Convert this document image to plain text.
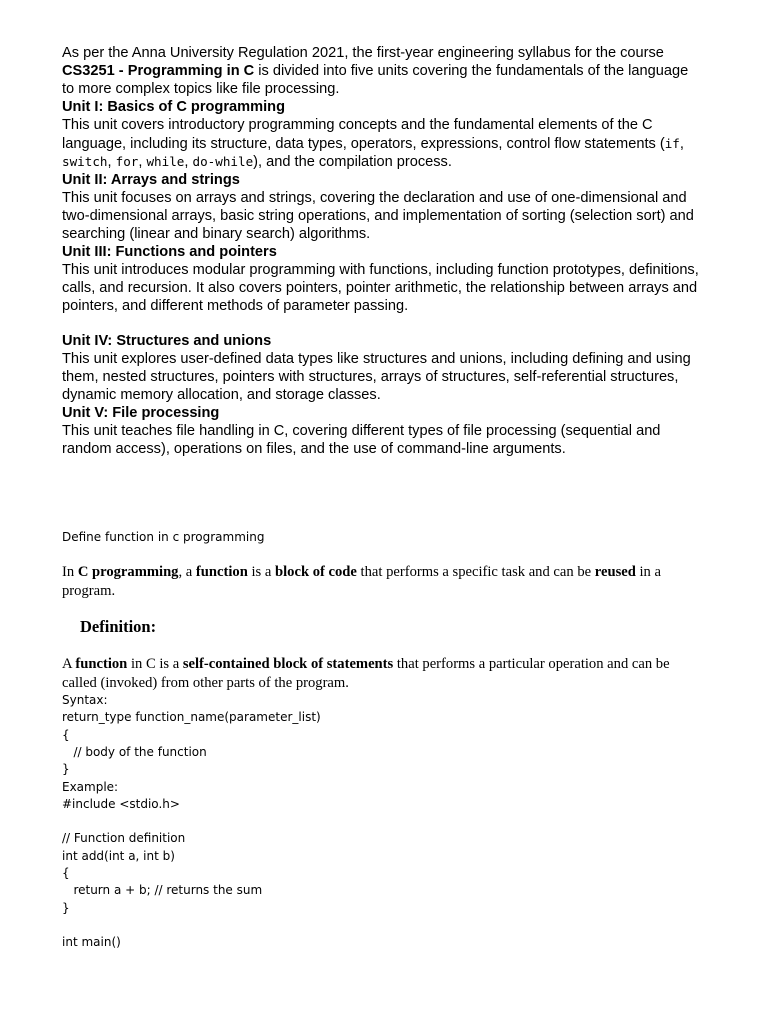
As per the Anna University Regulation 2021, the first-year engineering syllabus for the course CS3251 - Programming in C is divided into five units covering the fundamentals of the language to more complex topics like file processing.

Unit I: Basics of C programming

This unit covers introductory programming concepts and the fundamental elements of the C language, including its structure, data types, operators, expressions, control flow statements (if, switch, for, while, do-while), and the compilation process.

Unit II: Arrays and strings

This unit focuses on arrays and strings, covering the declaration and use of one-dimensional and two-dimensional arrays, basic string operations, and implementation of sorting (selection sort) and searching (linear and binary search) algorithms.

Unit III: Functions and pointers

This unit introduces modular programming with functions, including function prototypes, definitions, calls, and recursion. It also covers pointers, pointer arithmetic, the relationship between arrays and pointers, and different methods of parameter passing.

Unit IV: Structures and unions

This unit explores user-defined data types like structures and unions, including defining and using them, nested structures, pointers with structures, arrays of structures, self-referential structures, dynamic memory allocation, and storage classes.

Unit V: File processing

This unit teaches file handling in C, covering different types of file processing (sequential and random access), operations on files, and the use of command-line arguments.

Define function in c programming

In C programming, a function is a block of code that performs a specific task and can be reused in a program.

Definition:

A function in C is a self-contained block of statements that performs a particular operation and can be called (invoked) from other parts of the program.

Syntax:
return_type function_name(parameter_list)
{
// body of the function
}
Example:
#include <stdio.h>
// Function definition
int add(int a, int b)
{
return a + b; // returns the sum
}
int main()
